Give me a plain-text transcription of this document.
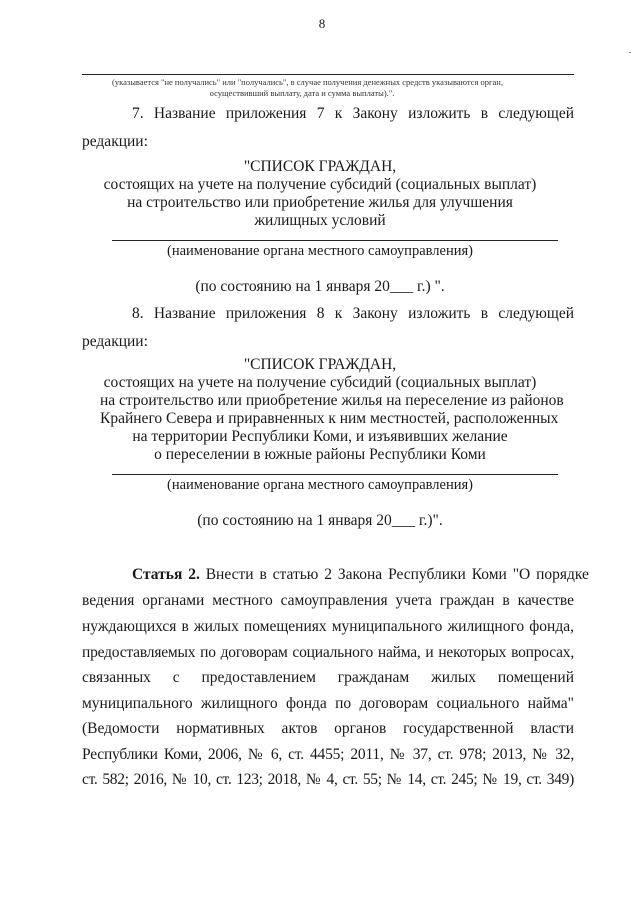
8
(указывается "не получались" или "получались", в случае получения денежных средств указываются орган,
осуществивший выплату, дата и сумма выплаты).".
7. Название приложения 7 к Закону изложить в следующей
редакции:
"СПИСОК ГРАЖДАН,
состоящих на учете на получение субсидий (социальных выплат)
на строительство или приобретение жилья для улучшения
жилищных условий
(наименование органа местного самоуправления)
(по состоянию на 1 января 20___ г.) ".
8. Название приложения 8 к Закону изложить в следующей
редакции:
"СПИСОК ГРАЖДАН,
состоящих на учете на получение субсидий (социальных выплат)
на строительство или приобретение жилья на переселение из районов
Крайнего Севера и приравненных к ним местностей, расположенных
на территории Республики Коми, и изъявивших желание
о переселении в южные районы Республики Коми
(наименование органа местного самоуправления)
(по состоянию на 1 января 20___ г.)".
Статья 2. Внести в статью 2 Закона Республики Коми "О порядке
ведения органами местного самоуправления учета граждан в качестве
нуждающихся в жилых помещениях муниципального жилищного фонда,
предоставляемых по договорам социального найма, и некоторых вопросах,
связанных с предоставлением гражданам жилых помещений
муниципального жилищного фонда по договорам социального найма"
(Ведомости нормативных актов органов государственной власти
Республики Коми, 2006, № 6, ст. 4455; 2011, № 37, ст. 978; 2013, № 32,
ст. 582; 2016, № 10, ст. 123; 2018, № 4, ст. 55; № 14, ст. 245; № 19, ст. 349)
